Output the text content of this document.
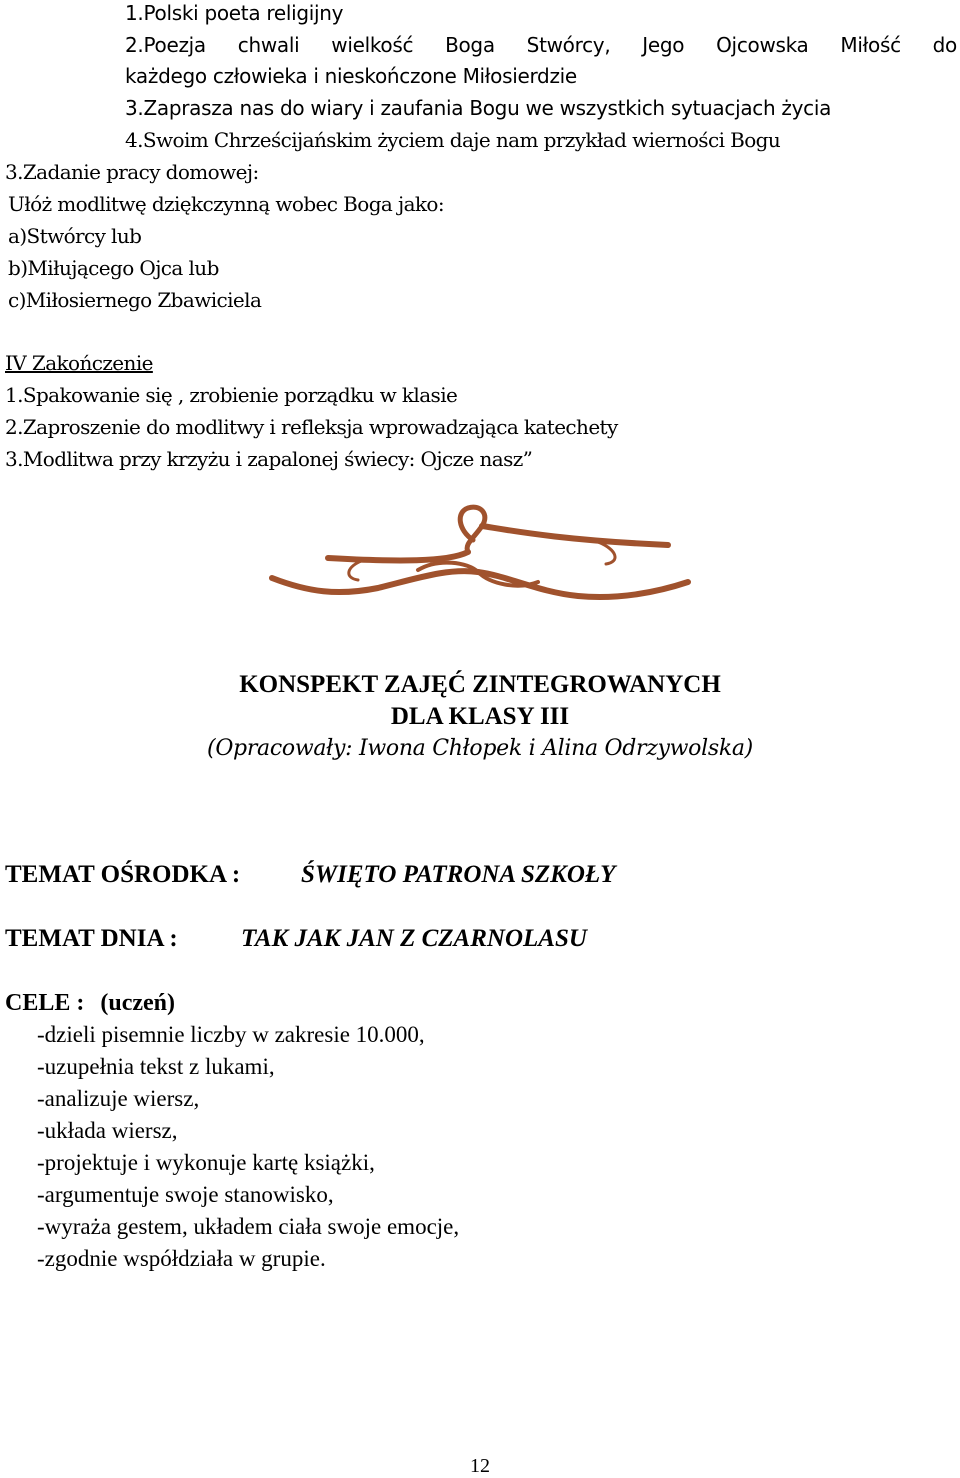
1.Polski poeta religijny
2.Poezja chwali wielkość Boga Stwórcy, Jego Ojcowska Miłość do
każdego człowieka i nieskończone Miłosierdzie
3.Zaprasza nas do wiary i zaufania Bogu we wszystkich sytuacjach życia
4.Swoim Chrześcijańskim życiem daje nam przykład wierności Bogu
3.Zadanie pracy domowej:
Ułóż modlitwę dziękczynną wobec Boga jako:
a)Stwórcy lub
b)Miłującego Ojca lub
c)Miłosiernego Zbawiciela
IV Zakończenie
1.Spakowanie się , zrobienie porządku w klasie
2.Zaproszenie do modlitwy i refleksja wprowadzająca katechety
3.Modlitwa przy krzyżu i zapalonej świecy: Ojcze nasz”
KONSPEKT ZAJĘĆ ZINTEGROWANYCH
DLA KLASY III
(Opracowały: Iwona Chłopek i Alina Odrzywolska)
TEMAT OŚRODKA : ŚWIĘTO PATRONA SZKOŁY
TEMAT DNIA :	TAK JAK JAN Z CZARNOLASU
CELE : (uczeń)
-dzieli pisemnie liczby w zakresie 10.000,
-uzupełnia tekst z lukami,
-analizuje wiersz,
-układa wiersz,
-projektuje i wykonuje kartę książki,
-argumentuje swoje stanowisko,
-wyraża gestem, układem ciała swoje emocje,
-zgodnie współdziała w grupie.
12
